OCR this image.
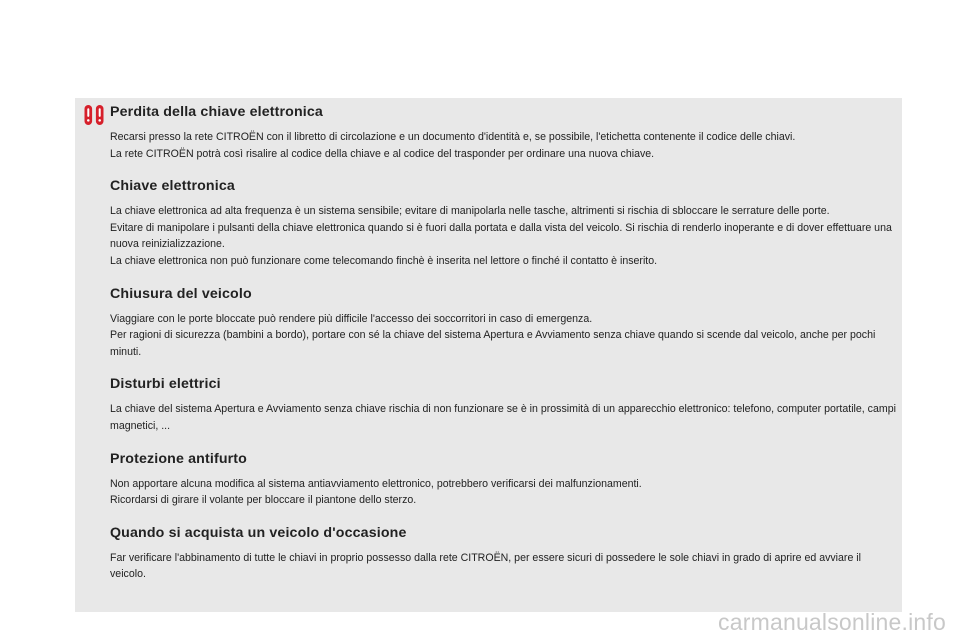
Perdita della chiave elettronica

Recarsi presso la rete CITROËN con il libretto di circolazione e un documento d'identità e, se possibile, l'etichetta contenente il codice delle chiavi.

La rete CITROËN potrà così risalire al codice della chiave e al codice del trasponder per ordinare una nuova chiave.

Chiave elettronica

La chiave elettronica ad alta frequenza è un sistema sensibile; evitare di manipolarla nelle tasche, altrimenti si rischia di sbloccare le serrature delle porte.

Evitare di manipolare i pulsanti della chiave elettronica quando si è fuori dalla portata e dalla vista del veicolo. Si rischia di renderlo inoperante e di dover effettuare una nuova reinizializzazione.

La chiave elettronica non può funzionare come telecomando finchè è inserita nel lettore o finché il contatto è inserito.

Chiusura del veicolo

Viaggiare con le porte bloccate può rendere più difficile l'accesso dei soccorritori in caso di emergenza.

Per ragioni di sicurezza (bambini a bordo), portare con sé la chiave del sistema Apertura e Avviamento senza chiave quando si scende dal veicolo, anche per pochi minuti.

Disturbi elettrici

La chiave del sistema Apertura e Avviamento senza chiave rischia di non funzionare se è in prossimità di un apparecchio elettronico: telefono, computer portatile, campi magnetici, ...

Protezione antifurto

Non apportare alcuna modifica al sistema antiavviamento elettronico, potrebbero verificarsi dei malfunzionamenti.

Ricordarsi di girare il volante per bloccare il piantone dello sterzo.

Quando si acquista un veicolo d'occasione

Far verificare l'abbinamento di tutte le chiavi in proprio possesso dalla rete CITROËN, per essere sicuri di possedere le sole chiavi in grado di aprire ed avviare il veicolo.

carmanualsonline.info
